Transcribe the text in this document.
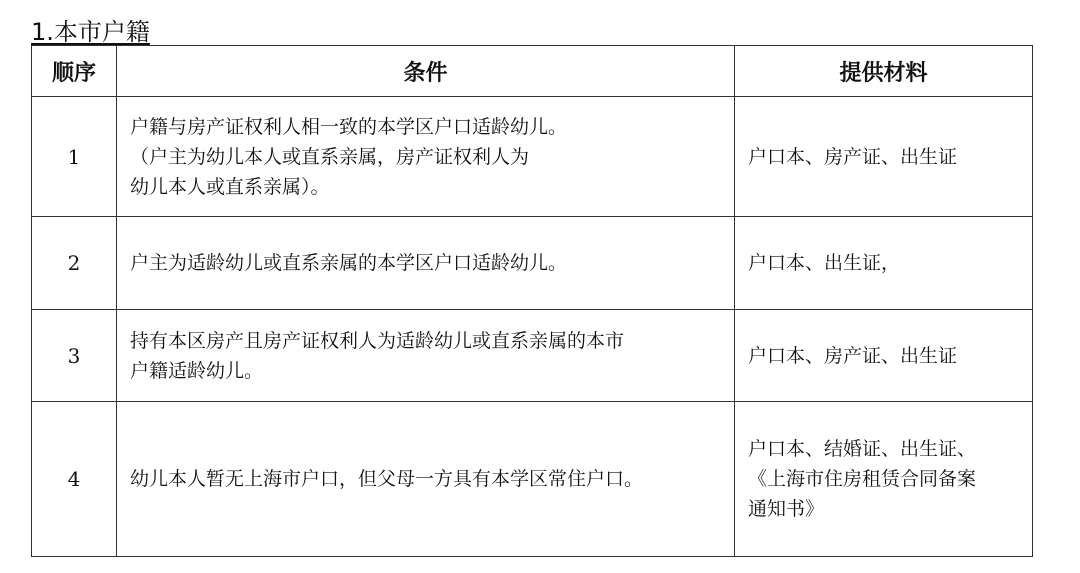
1.本市户籍
顺序	条件	提供材料
1	户籍与房产证权利人相一致的本学区户口适龄幼儿。
（户主为幼儿本人或直系亲属，房产证权利人为
幼儿本人或直系亲属）。	户口本、房产证、出生证

2	户主为适龄幼儿或直系亲属的本学区户口适龄幼儿。	户口本、出生证，

3	持有本区房产且房产证权利人为适龄幼儿或直系亲属的本市
户籍适龄幼儿。	户口本、房产证、出生证

4	幼儿本人暂无上海市户口，但父母一方具有本学区常住户口。	户口本、结婚证、出生证、
《上海市住房租赁合同备案
通知书》
